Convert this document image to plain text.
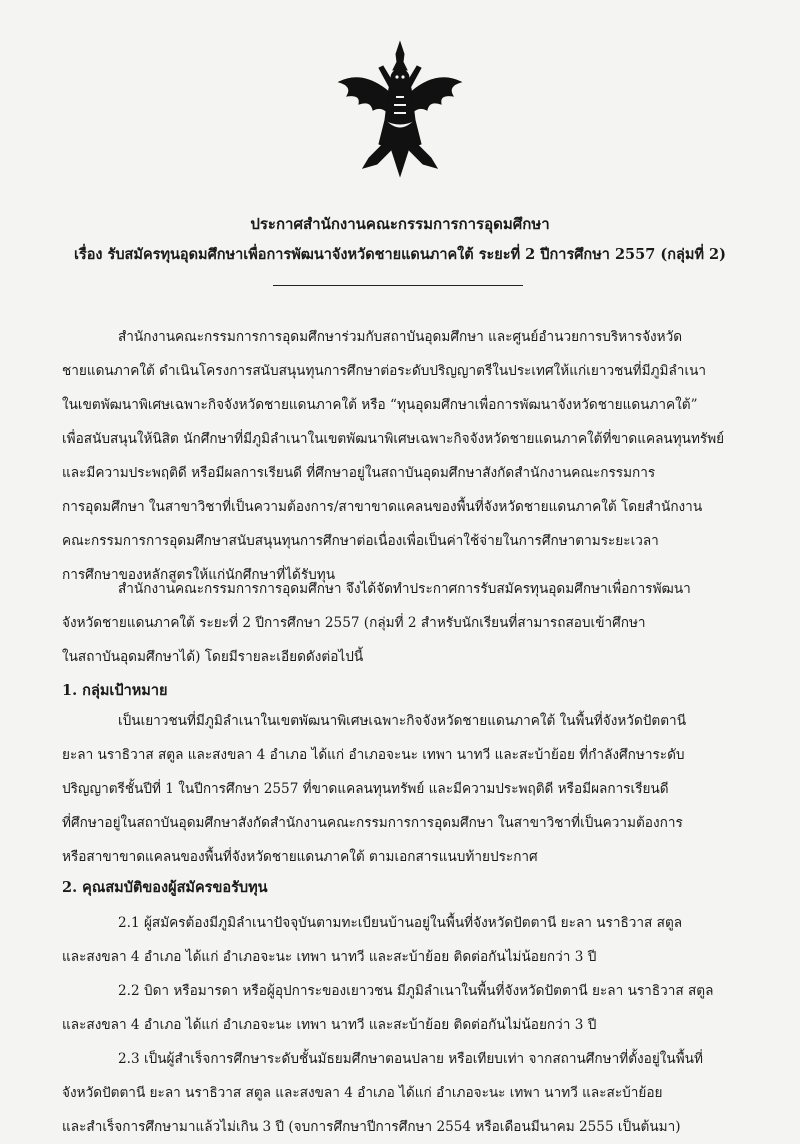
ประกาศสำนักงานคณะกรรมการการอุดมศึกษา
เรื่อง รับสมัครทุนอุดมศึกษาเพื่อการพัฒนาจังหวัดชายแดนภาคใต้ ระยะที่ 2 ปีการศึกษา 2557 (กลุ่มที่ 2)
สำนักงานคณะกรรมการการอุดมศึกษาร่วมกับสถาบันอุดมศึกษา และศูนย์อำนวยการบริหารจังหวัด
ชายแดนภาคใต้ ดำเนินโครงการสนับสนุนทุนการศึกษาต่อระดับปริญญาตรีในประเทศให้แก่เยาวชนที่มีภูมิลำเนา
ในเขตพัฒนาพิเศษเฉพาะกิจจังหวัดชายแดนภาคใต้ หรือ “ทุนอุดมศึกษาเพื่อการพัฒนาจังหวัดชายแดนภาคใต้”
เพื่อสนับสนุนให้นิสิต นักศึกษาที่มีภูมิลำเนาในเขตพัฒนาพิเศษเฉพาะกิจจังหวัดชายแดนภาคใต้ที่ขาดแคลนทุนทรัพย์
และมีความประพฤติดี หรือมีผลการเรียนดี ที่ศึกษาอยู่ในสถาบันอุดมศึกษาสังกัดสำนักงานคณะกรรมการ
การอุดมศึกษา ในสาขาวิชาที่เป็นความต้องการ/สาขาขาดแคลนของพื้นที่จังหวัดชายแดนภาคใต้ โดยสำนักงาน
คณะกรรมการการอุดมศึกษาสนับสนุนทุนการศึกษาต่อเนื่องเพื่อเป็นค่าใช้จ่ายในการศึกษาตามระยะเวลา
การศึกษาของหลักสูตรให้แก่นักศึกษาที่ได้รับทุน
สำนักงานคณะกรรมการการอุดมศึกษา จึงได้จัดทำประกาศการรับสมัครทุนอุดมศึกษาเพื่อการพัฒนา
จังหวัดชายแดนภาคใต้ ระยะที่ 2 ปีการศึกษา 2557 (กลุ่มที่ 2 สำหรับนักเรียนที่สามารถสอบเข้าศึกษา
ในสถาบันอุดมศึกษาได้) โดยมีรายละเอียดดังต่อไปนี้
1. กลุ่มเป้าหมาย
เป็นเยาวชนที่มีภูมิลำเนาในเขตพัฒนาพิเศษเฉพาะกิจจังหวัดชายแดนภาคใต้ ในพื้นที่จังหวัดปัตตานี
ยะลา นราธิวาส สตูล และสงขลา 4 อำเภอ ได้แก่ อำเภอจะนะ เทพา นาทวี และสะบ้าย้อย ที่กำลังศึกษาระดับ
ปริญญาตรีชั้นปีที่ 1 ในปีการศึกษา 2557 ที่ขาดแคลนทุนทรัพย์ และมีความประพฤติดี หรือมีผลการเรียนดี
ที่ศึกษาอยู่ในสถาบันอุดมศึกษาสังกัดสำนักงานคณะกรรมการการอุดมศึกษา ในสาขาวิชาที่เป็นความต้องการ
หรือสาขาขาดแคลนของพื้นที่จังหวัดชายแดนภาคใต้ ตามเอกสารแนบท้ายประกาศ
2. คุณสมบัติของผู้สมัครขอรับทุน
2.1 ผู้สมัครต้องมีภูมิลำเนาปัจจุบันตามทะเบียนบ้านอยู่ในพื้นที่จังหวัดปัตตานี ยะลา นราธิวาส สตูล
และสงขลา 4 อำเภอ ได้แก่ อำเภอจะนะ เทพา นาทวี และสะบ้าย้อย ติดต่อกันไม่น้อยกว่า 3 ปี
2.2 บิดา หรือมารดา หรือผู้อุปการะของเยาวชน มีภูมิลำเนาในพื้นที่จังหวัดปัตตานี ยะลา นราธิวาส สตูล
และสงขลา 4 อำเภอ ได้แก่ อำเภอจะนะ เทพา นาทวี และสะบ้าย้อย ติดต่อกันไม่น้อยกว่า 3 ปี
2.3 เป็นผู้สำเร็จการศึกษาระดับชั้นมัธยมศึกษาตอนปลาย หรือเทียบเท่า จากสถานศึกษาที่ตั้งอยู่ในพื้นที่
จังหวัดปัตตานี ยะลา นราธิวาส สตูล และสงขลา 4 อำเภอ ได้แก่ อำเภอจะนะ เทพา นาทวี และสะบ้าย้อย
และสำเร็จการศึกษามาแล้วไม่เกิน 3 ปี (จบการศึกษาปีการศึกษา 2554 หรือเดือนมีนาคม 2555 เป็นต้นมา)
